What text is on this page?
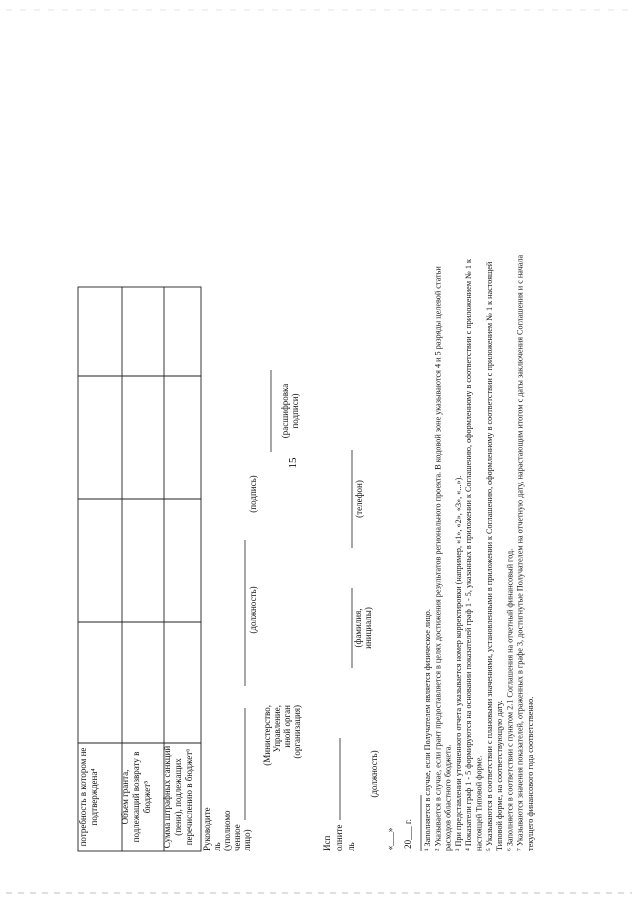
15
потребность в котором не подтверждена⁴ Объем гранта, подлежащий возврату в бюджет⁵ Сумма штрафных санкций (пени), подлежащих перечислению в бюджет⁶ Руководите ль (уполномо ченное лицо)
(Министерство, Управление, иной орган (организация)
(должность)
(подпись)
(расшифровка подписи)
Исп олните ль
(должность)
(фамилия, инициалы)
(телефон)
«___» 20___ г. ¹ Заполняется в случае, если Получателем является физическое лицо. ² Указывается в случае, если грант предоставляется в целях достижения результатов регионального проекта. В кодовой зоне указываются 4 и 5 разряды целевой статьи расходов областного бюджета. ³ При представлении уточненного отчета указывается номер корректировки (например, «1», «2», «3», «...»). ⁴ Показатели граф 1 - 5 формируются на основании показателей граф 1 - 5, указанных в приложении к Соглашению, оформленному в соответствии с приложением № 1 к настоящей Типовой форме. ⁵ Указываются в соответствии с плановыми значениями, установленными в приложении к Соглашению, оформленному в соответствии с приложением № 1 к настоящей Типовой форме, на соответствующую дату. ⁶ Заполняется в соответствии с пунктом 2.1 Соглашения на отчетный финансовый год. ⁷ Указываются значения показателей, отраженных в графе 3, достигнутые Получателем на отчетную дату, нарастающим итогом с даты заключения Соглашения и с начала текущего финансового года соответственно.
